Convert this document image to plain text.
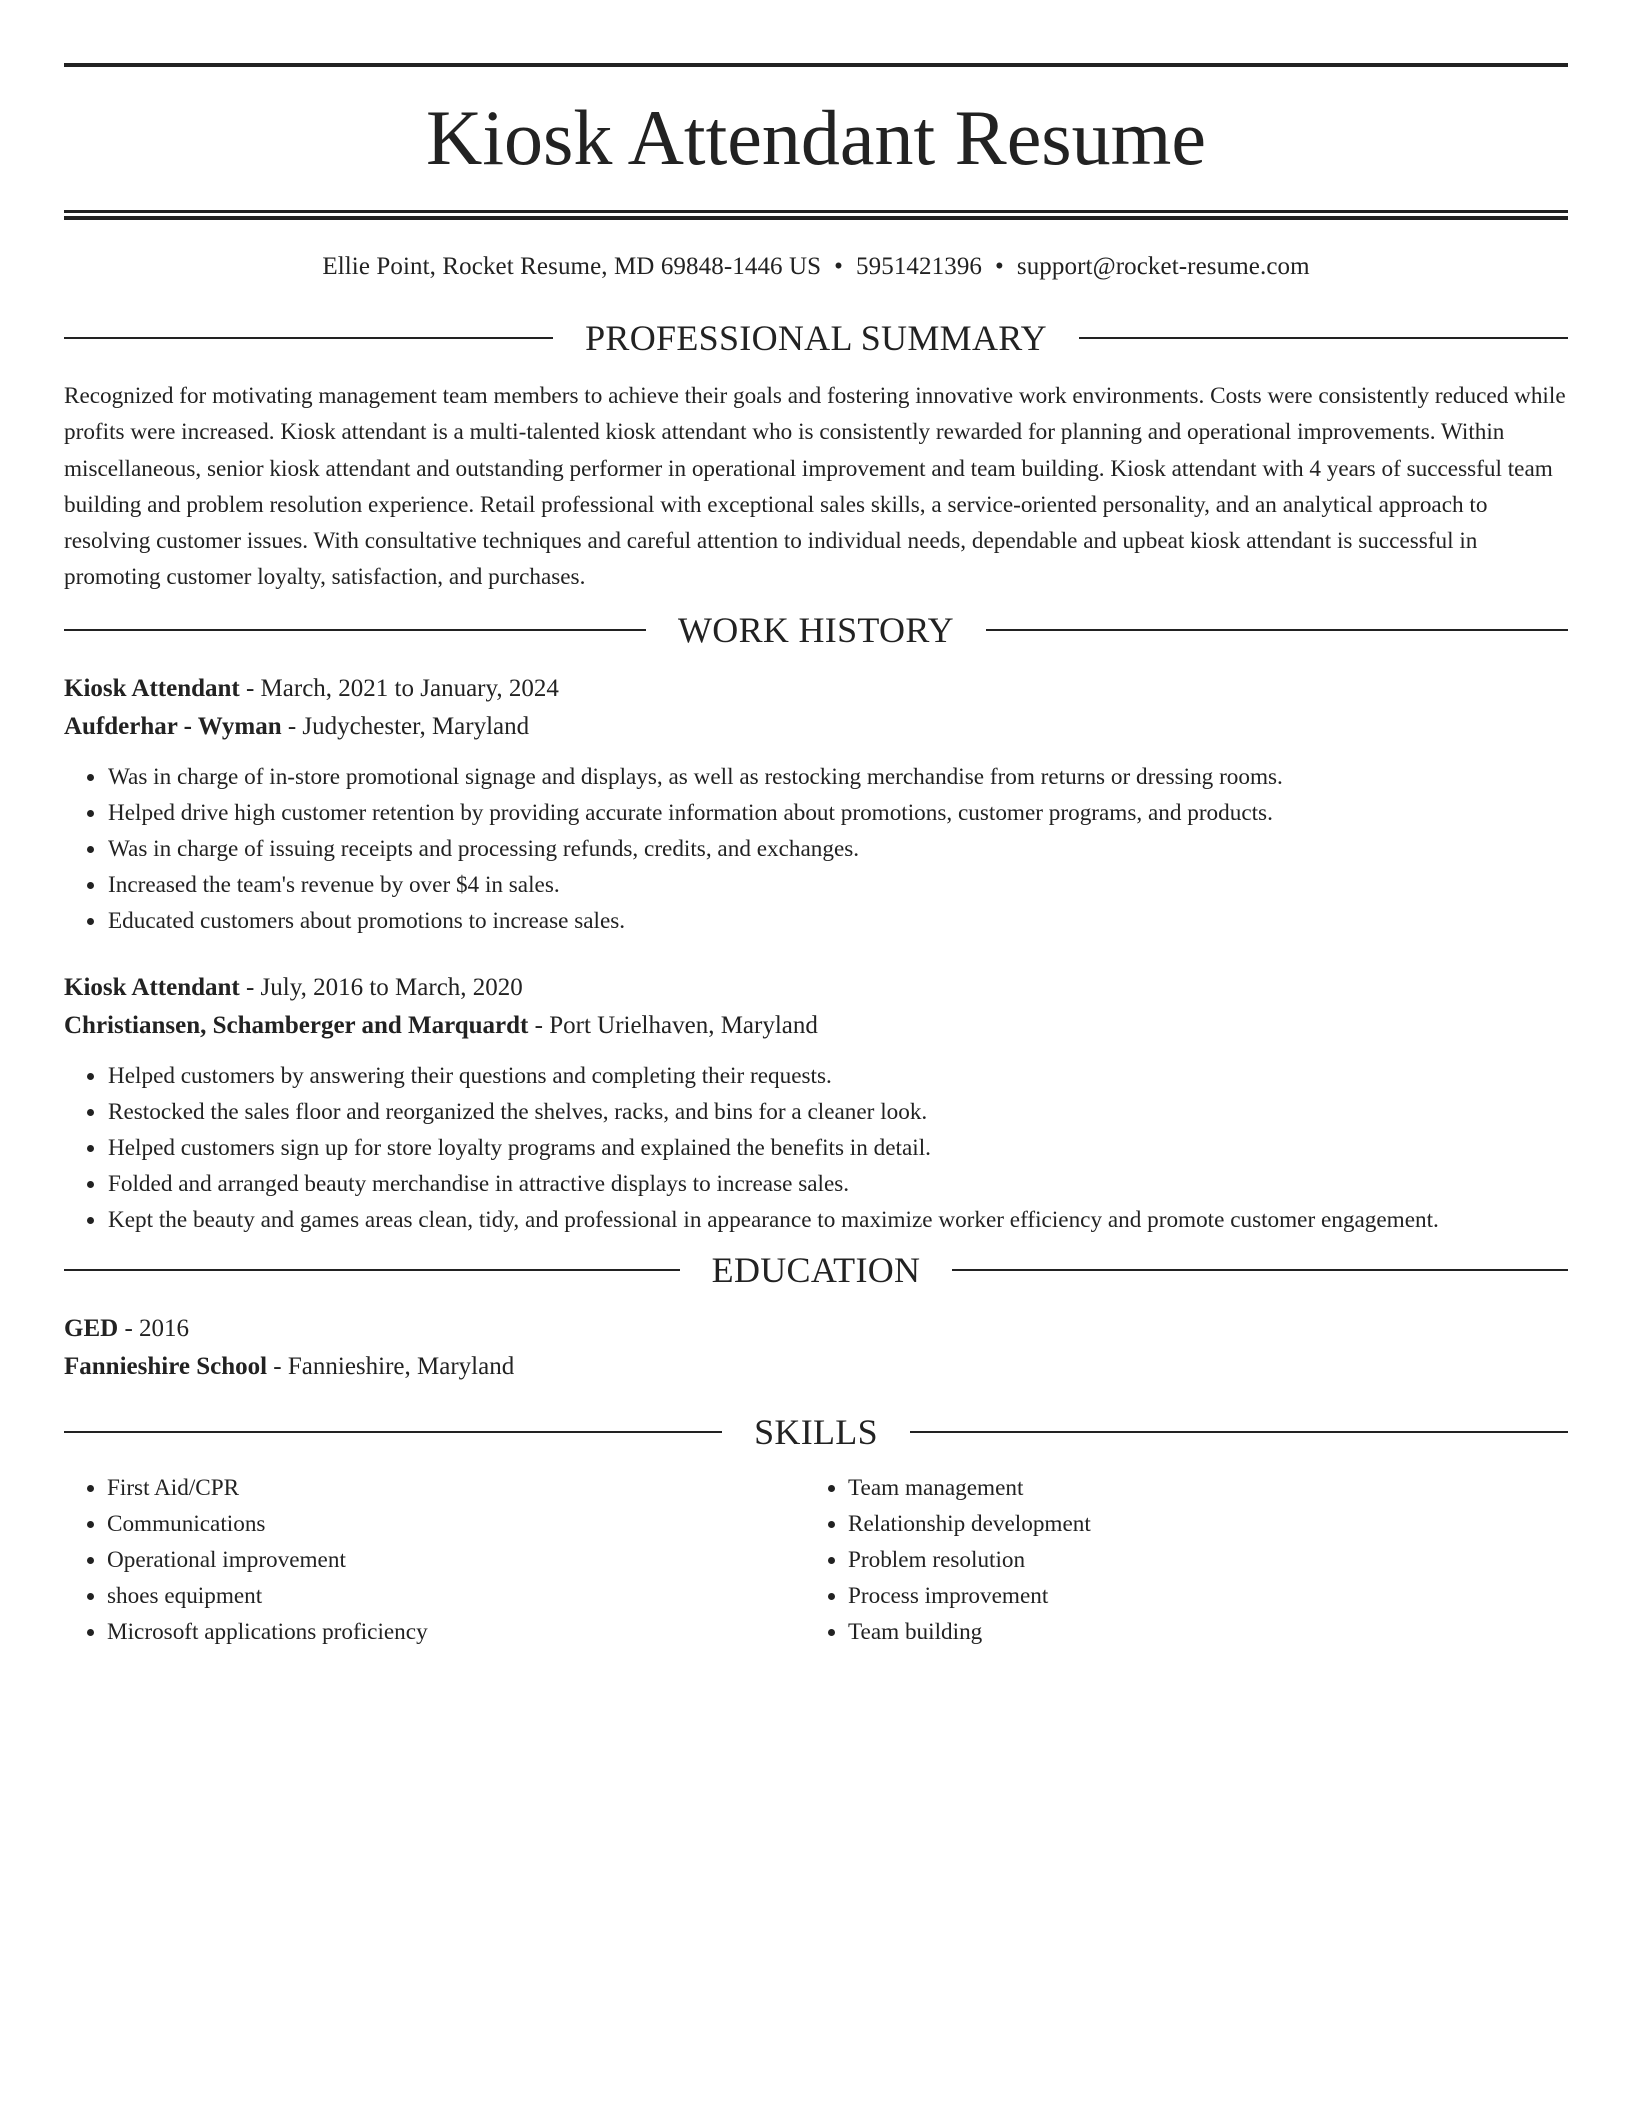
Kiosk Attendant Resume
Ellie Point, Rocket Resume, MD 69848-1446 US • 5951421396 • support@rocket-resume.com
PROFESSIONAL SUMMARY
Recognized for motivating management team members to achieve their goals and fostering innovative work environments. Costs were consistently reduced while profits were increased. Kiosk attendant is a multi-talented kiosk attendant who is consistently rewarded for planning and operational improvements. Within miscellaneous, senior kiosk attendant and outstanding performer in operational improvement and team building. Kiosk attendant with 4 years of successful team building and problem resolution experience. Retail professional with exceptional sales skills, a service-oriented personality, and an analytical approach to resolving customer issues. With consultative techniques and careful attention to individual needs, dependable and upbeat kiosk attendant is successful in promoting customer loyalty, satisfaction, and purchases.
WORK HISTORY
Kiosk Attendant - March, 2021 to January, 2024
Aufderhar - Wyman - Judychester, Maryland
• Was in charge of in-store promotional signage and displays, as well as restocking merchandise from returns or dressing rooms.
• Helped drive high customer retention by providing accurate information about promotions, customer programs, and products.
• Was in charge of issuing receipts and processing refunds, credits, and exchanges.
• Increased the team's revenue by over $4 in sales.
• Educated customers about promotions to increase sales.
Kiosk Attendant - July, 2016 to March, 2020
Christiansen, Schamberger and Marquardt - Port Urielhaven, Maryland
• Helped customers by answering their questions and completing their requests.
• Restocked the sales floor and reorganized the shelves, racks, and bins for a cleaner look.
• Helped customers sign up for store loyalty programs and explained the benefits in detail.
• Folded and arranged beauty merchandise in attractive displays to increase sales.
• Kept the beauty and games areas clean, tidy, and professional in appearance to maximize worker efficiency and promote customer engagement.
EDUCATION
GED - 2016
Fannieshire School - Fannieshire, Maryland
SKILLS
• First Aid/CPR
• Communications
• Operational improvement
• shoes equipment
• Microsoft applications proficiency
• Team management
• Relationship development
• Problem resolution
• Process improvement
• Team building
